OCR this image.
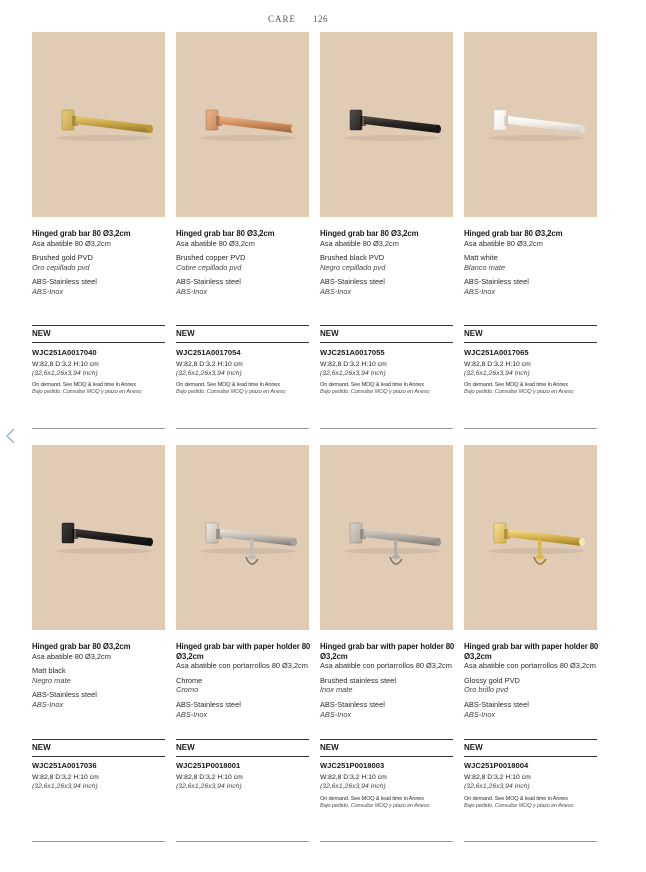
CARE 126
Hinged grab bar 80 Ø3,2cm
Asa abatible 80 Ø3,2cm
Brushed gold PVD
Oro cepillado pvd
ABS-Stainless steel
ABS-Inox
NEW
WJC251A0017040
W:82,8 D:3,2 H:10 cm
(32,6x1,26x3,94 Inch)
On demand. See MOQ & lead time in Annex
Bajo pedido. Consultar MOQ y plazo en Anexo
Hinged grab bar 80 Ø3,2cm
Asa abatible 80 Ø3,2cm
Brushed copper PVD
Cobre cepillado pvd
ABS-Stainless steel
ABS-Inox
NEW
WJC251A0017054
W:82,8 D:3,2 H:10 cm
(32,6x1,26x3,94 Inch)
On demand. See MOQ & lead time in Annex
Bajo pedido. Consultar MOQ y plazo en Anexo
Hinged grab bar 80 Ø3,2cm
Asa abatible 80 Ø3,2cm
Brushed black PVD
Negro cepillado pvd
ABS-Stainless steel
ABS-Inox
NEW
WJC251A0017055
W:82,8 D:3,2 H:10 cm
(32,6x1,26x3,94 Inch)
On demand. See MOQ & lead time in Annex
Bajo pedido. Consultar MOQ y plazo en Anexo
Hinged grab bar 80 Ø3,2cm
Asa abatible 80 Ø3,2cm
Matt white
Blanco mate
ABS-Stainless steel
ABS-Inox
NEW
WJC251A0017065
W:82,8 D:3,2 H:10 cm
(32,6x1,26x3,94 Inch)
On demand. See MOQ & lead time in Annex
Bajo pedido. Consultar MOQ y plazo en Anexo
Hinged grab bar 80 Ø3,2cm
Asa abatible 80 Ø3,2cm
Matt black
Negro mate
ABS-Stainless steel
ABS-Inox
NEW
WJC251A0017036
W:82,8 D:3,2 H:10 cm
(32,6x1,26x3,94 Inch)
Hinged grab bar with paper holder 80 Ø3,2cm
Asa abatible con portarrollos 80 Ø3,2cm
Chrome
Cromo
ABS-Stainless steel
ABS-Inox
NEW
WJC251P0018001
W:82,8 D:3,2 H:10 cm
(32,6x1,26x3,94 Inch)
Hinged grab bar with paper holder 80 Ø3,2cm
Asa abatible con portarrollos 80 Ø3,2cm
Brushed stainless steel
Inox mate
ABS-Stainless steel
ABS-Inox
NEW
WJC251P0018003
W:82,8 D:3,2 H:10 cm
(32,6x1,26x3,94 Inch)
On demand. See MOQ & lead time in Annex
Bajo pedido. Consultar MOQ y plazo en Anexo
Hinged grab bar with paper holder 80 Ø3,2cm
Asa abatible con portarrollos 80 Ø3,2cm
Glossy gold PVD
Oro brillo pvd
ABS-Stainless steel
ABS-Inox
NEW
WJC251P0018004
W:82,8 D:3,2 H:10 cm
(32,6x1,26x3,94 Inch)
On demand. See MOQ & lead time in Annex
Bajo pedido. Consultar MOQ y plazo en Anexo
